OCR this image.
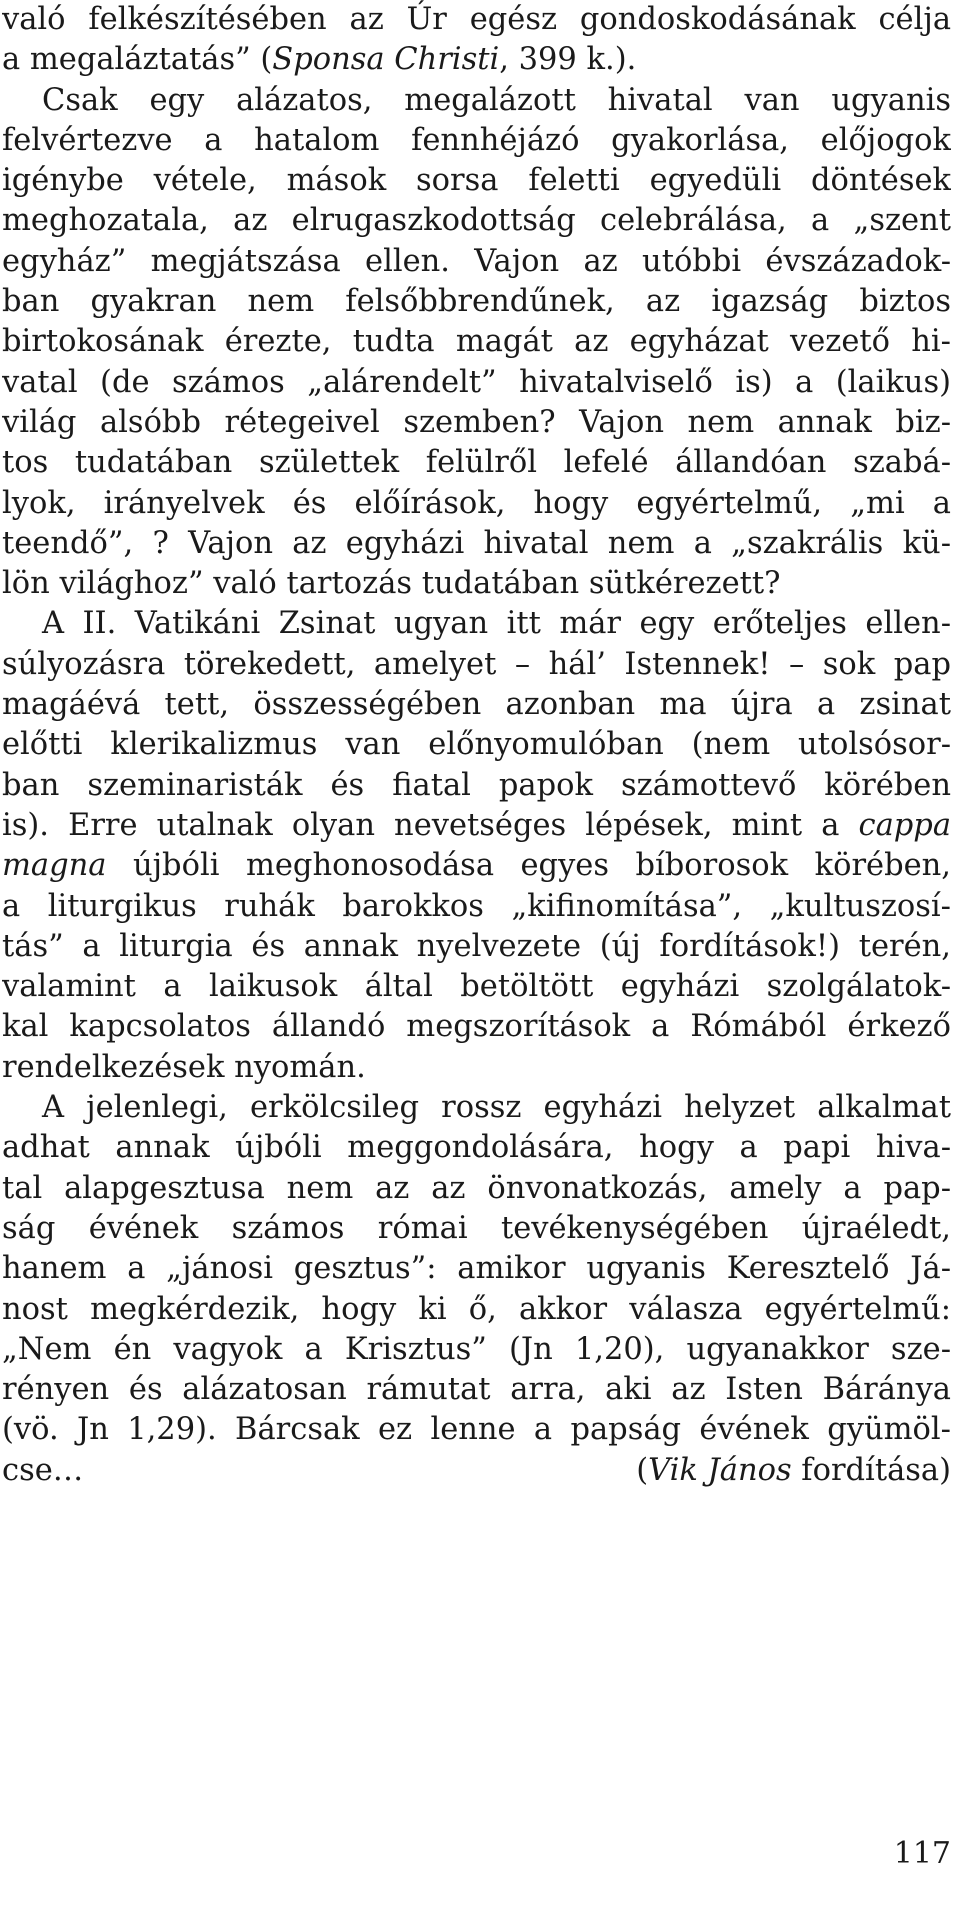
való felkészítésében az Úr egész gondoskodásának célja
a megaláztatás” (Sponsa Christi, 399 k.).
Csak egy alázatos, megalázott hivatal van ugyanis
felvértezve a hatalom fennhéjázó gyakorlása, előjogok
igénybe vétele, mások sorsa feletti egyedüli döntések
meghozatala, az elrugaszkodottság celebrálása, a „szent
egyház” megjátszása ellen. Vajon az utóbbi évszázadok-
ban gyakran nem felsőbbrendűnek, az igazság biztos
birtokosának érezte, tudta magát az egyházat vezető hi-
vatal (de számos „alárendelt” hivatalviselő is) a (laikus)
világ alsóbb rétegeivel szemben? Vajon nem annak biz-
tos tudatában születtek felülről lefelé állandóan szabá-
lyok, irányelvek és előírások, hogy egyértelmű, „mi a
teendő”, ? Vajon az egyházi hivatal nem a „szakrális kü-
lön világhoz” való tartozás tudatában sütkérezett?
A II. Vatikáni Zsinat ugyan itt már egy erőteljes ellen-
súlyozásra törekedett, amelyet – hál’ Istennek! – sok pap
magáévá tett, összességében azonban ma újra a zsinat
előtti klerikalizmus van előnyomulóban (nem utolsósor-
ban szeminaristák és fiatal papok számottevő körében
is). Erre utalnak olyan nevetséges lépések, mint a cappa
magna újbóli meghonosodása egyes bíborosok körében,
a liturgikus ruhák barokkos „kifinomítása”, „kultuszosí-
tás” a liturgia és annak nyelvezete (új fordítások!) terén,
valamint a laikusok által betöltött egyházi szolgálatok-
kal kapcsolatos állandó megszorítások a Rómából érkező
rendelkezések nyomán.
A jelenlegi, erkölcsileg rossz egyházi helyzet alkalmat
adhat annak újbóli meggondolására, hogy a papi hiva-
tal alapgesztusa nem az az önvonatkozás, amely a pap-
ság évének számos római tevékenységében újraéledt,
hanem a „jánosi gesztus”: amikor ugyanis Keresztelő Já-
nost megkérdezik, hogy ki ő, akkor válasza egyértelmű:
„Nem én vagyok a Krisztus” (Jn 1,20), ugyanakkor sze-
rényen és alázatosan rámutat arra, aki az Isten Báránya
(vö. Jn 1,29). Bárcsak ez lenne a papság évének gyümöl-
cse…	(Vik János fordítása)
117
